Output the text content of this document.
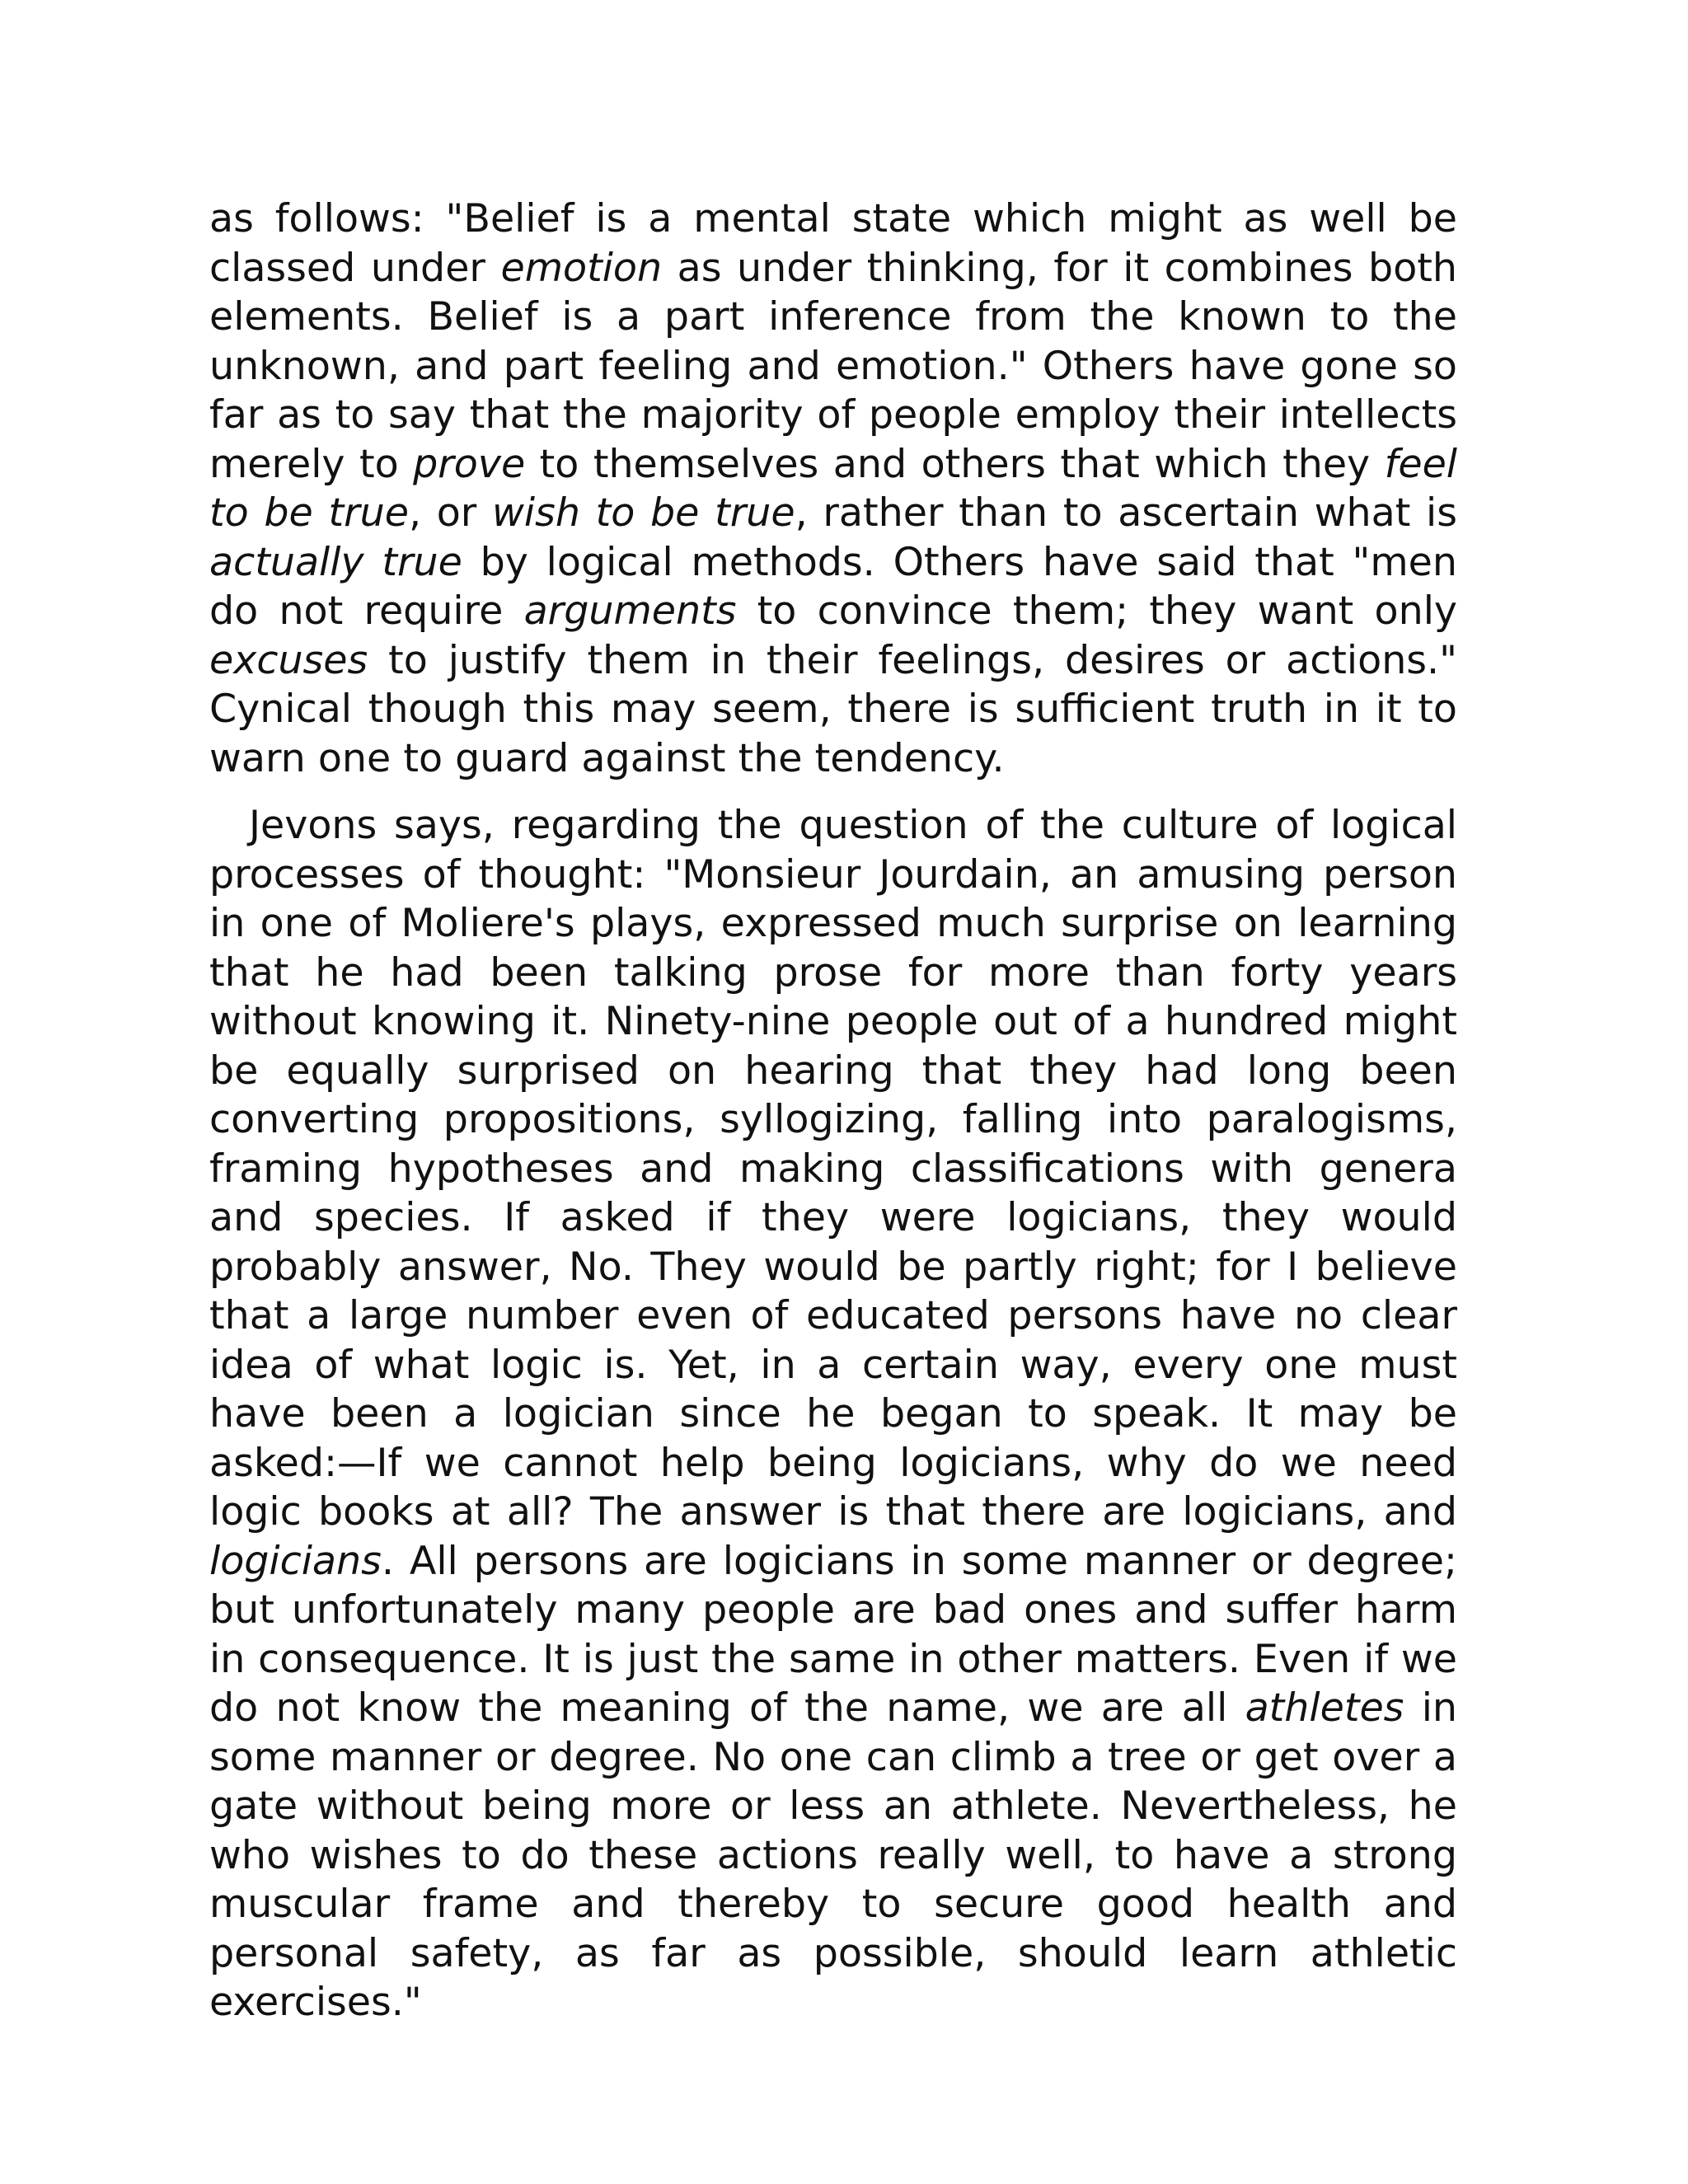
as follows: "Belief is a mental state which might as well be classed under emotion as under thinking, for it combines both elements. Belief is a part inference from the known to the unknown, and part feeling and emotion." Others have gone so far as to say that the majority of people employ their intellects merely to prove to themselves and others that which they feel to be true, or wish to be true, rather than to ascertain what is actually true by logical methods. Others have said that "men do not require arguments to convince them; they want only excuses to justify them in their feelings, desires or actions." Cynical though this may seem, there is sufficient truth in it to warn one to guard against the tendency.

Jevons says, regarding the question of the culture of logical processes of thought: "Monsieur Jourdain, an amusing person in one of Moliere's plays, expressed much surprise on learning that he had been talking prose for more than forty years without knowing it. Ninety-nine people out of a hundred might be equally surprised on hearing that they had long been converting propositions, syllogizing, falling into paralogisms, framing hypotheses and making classifications with genera and species. If asked if they were logicians, they would probably answer, No. They would be partly right; for I believe that a large number even of educated persons have no clear idea of what logic is. Yet, in a certain way, every one must have been a logician since he began to speak. It may be asked:—If we cannot help being logicians, why do we need logic books at all? The answer is that there are logicians, and logicians. All persons are logicians in some manner or degree; but unfortunately many people are bad ones and suffer harm in consequence. It is just the same in other matters. Even if we do not know the meaning of the name, we are all athletes in some manner or degree. No one can climb a tree or get over a gate without being more or less an athlete. Nevertheless, he who wishes to do these actions really well, to have a strong muscular frame and thereby to secure good health and personal safety, as far as possible, should learn athletic exercises."
